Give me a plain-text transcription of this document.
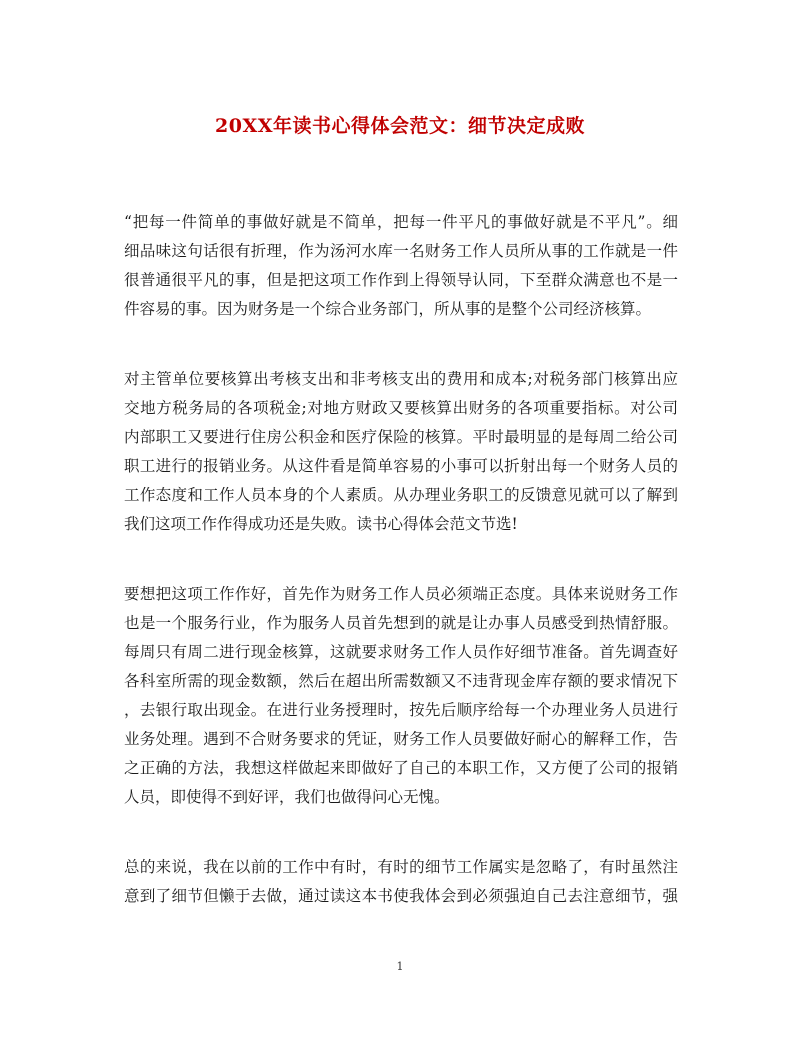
20XX年读书心得体会范文：细节决定成败
“把每一件简单的事做好就是不简单，把每一件平凡的事做好就是不平凡”。细
细品味这句话很有折理，作为汤河水库一名财务工作人员所从事的工作就是一件
很普通很平凡的事，但是把这项工作作到上得领导认同，下至群众满意也不是一
件容易的事。因为财务是一个综合业务部门，所从事的是整个公司经济核算。
对主管单位要核算出考核支出和非考核支出的费用和成本;对税务部门核算出应
交地方税务局的各项税金;对地方财政又要核算出财务的各项重要指标。对公司
内部职工又要进行住房公积金和医疗保险的核算。平时最明显的是每周二给公司
职工进行的报销业务。从这件看是简单容易的小事可以折射出每一个财务人员的
工作态度和工作人员本身的个人素质。从办理业务职工的反馈意见就可以了解到
我们这项工作作得成功还是失败。读书心得体会范文节选!
要想把这项工作作好，首先作为财务工作人员必须端正态度。具体来说财务工作
也是一个服务行业，作为服务人员首先想到的就是让办事人员感受到热情舒服。
每周只有周二进行现金核算，这就要求财务工作人员作好细节准备。首先调查好
各科室所需的现金数额，然后在超出所需数额又不违背现金库存额的要求情况下
，去银行取出现金。在进行业务授理时，按先后顺序给每一个办理业务人员进行
业务处理。遇到不合财务要求的凭证，财务工作人员要做好耐心的解释工作，告
之正确的方法，我想这样做起来即做好了自己的本职工作，又方便了公司的报销
人员，即使得不到好评，我们也做得问心无愧。
总的来说，我在以前的工作中有时，有时的细节工作属实是忽略了，有时虽然注
意到了细节但懒于去做，通过读这本书使我体会到必须强迫自己去注意细节，强
1
